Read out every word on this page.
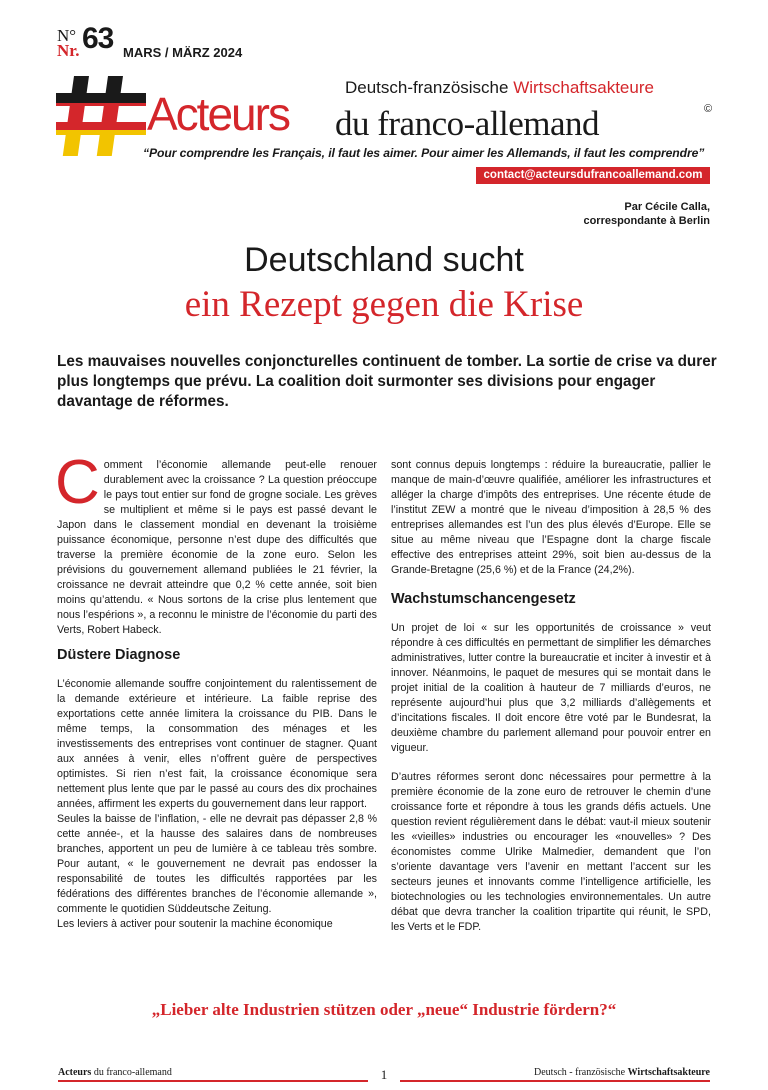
N°
Nr. 63 MARS / MÄRZ 2024
Deutsch-französische Wirtschaftsakteure
Acteurs du franco-allemand	©
“Pour comprendre les Français, il faut les aimer. Pour aimer les Allemands, il faut les comprendre”
contact@acteursdufrancoallemand.com
Par Cécile Calla,
correspondante à Berlin
Deutschland sucht
ein Rezept gegen die Krise
Les mauvaises nouvelles conjoncturelles continuent de tomber. La sortie de crise va durer plus longtemps que prévu. La coalition doit surmonter ses divisions pour engager davantage de réformes.
C omment l’économie allemande peut-elle renouer durablement avec la croissance ? La question préoccupe le pays tout entier sur fond de grogne sociale. Les grèves se multiplient et même si le pays est passé devant le Japon dans le classement mondial en devenant la troisième puissance économique, personne n’est dupe des difficultés que traverse la première économie de la zone euro. Selon les prévisions du gouvernement allemand publiées le 21 février, la croissance ne devrait atteindre que 0,2 % cette année, soit bien moins qu’attendu. « Nous sortons de la crise plus lentement que nous l’espérions », a reconnu le ministre de l’économie du parti des Verts, Robert Habeck.

Düstere Diagnose

L’économie allemande souffre conjointement du ralentissement de la demande extérieure et intérieure. La faible reprise des exportations cette année limitera la croissance du PIB. Dans le même temps, la consommation des ménages et les investissements des entreprises vont continuer de stagner. Quant aux années à venir, elles n’offrent guère de perspectives optimistes. Si rien n’est fait, la croissance économique sera nettement plus lente que par le passé au cours des dix prochaines années, affirment les experts du gouvernement dans leur rapport.

Seules la baisse de l’inflation, - elle ne devrait pas dépasser 2,8 % cette année-, et la hausse des salaires dans de nombreuses branches, apportent un peu de lumière à ce tableau très sombre. Pour autant, « le gouvernement ne devrait pas endosser la responsabilité de toutes les difficultés rapportées par les fédérations des différentes branches de l’économie allemande », commente le quotidien Süddeutsche Zeitung.

Les leviers à activer pour soutenir la machine économique

sont connus depuis longtemps : réduire la bureaucratie, pallier le manque de main-d’œuvre qualifiée, améliorer les infrastructures et alléger la charge d’impôts des entreprises. Une récente étude de l’institut ZEW a montré que le niveau d’imposition à 28,5 % des entreprises allemandes est l’un des plus élevés d’Europe. Elle se situe au même niveau que l’Espagne dont la charge fiscale effective des entreprises atteint 29%, soit bien au-dessus de la Grande-Bretagne (25,6 %) et de la France (24,2%).

Wachstumschancengesetz

Un projet de loi « sur les opportunités de croissance » veut répondre à ces difficultés en permettant de simplifier les démarches administratives, lutter contre la bureaucratie et inciter à investir et à innover. Néanmoins, le paquet de mesures qui se montait dans le projet initial de la coalition à hauteur de 7 milliards d’euros, ne représente aujourd’hui plus que 3,2 milliards d’allègements et d’incitations fiscales. Il doit encore être voté par le Bundesrat, la deuxième chambre du parlement allemand pour pouvoir entrer en vigueur.

D’autres réformes seront donc nécessaires pour permettre à la première économie de la zone euro de retrouver le chemin d’une croissance forte et répondre à tous les grands défis actuels. Une question revient régulièrement dans le débat: vaut-il mieux soutenir les «vieilles» industries ou encourager les «nouvelles» ? Des économistes comme Ulrike Malmedier, demandent que l’on s’oriente davantage vers l’avenir en mettant l’accent sur les secteurs jeunes et innovants comme l’intelligence artificielle, les biotechnologies ou les technologies environnementales. Un autre débat que devra trancher la coalition tripartite qui réunit, le SPD, les Verts et le FDP.

„Lieber alte Industrien stützen oder „neue“ Industrie fördern?“
Acteurs du franco-allemand	1	Deutsch - französische Wirtschaftsakteure
